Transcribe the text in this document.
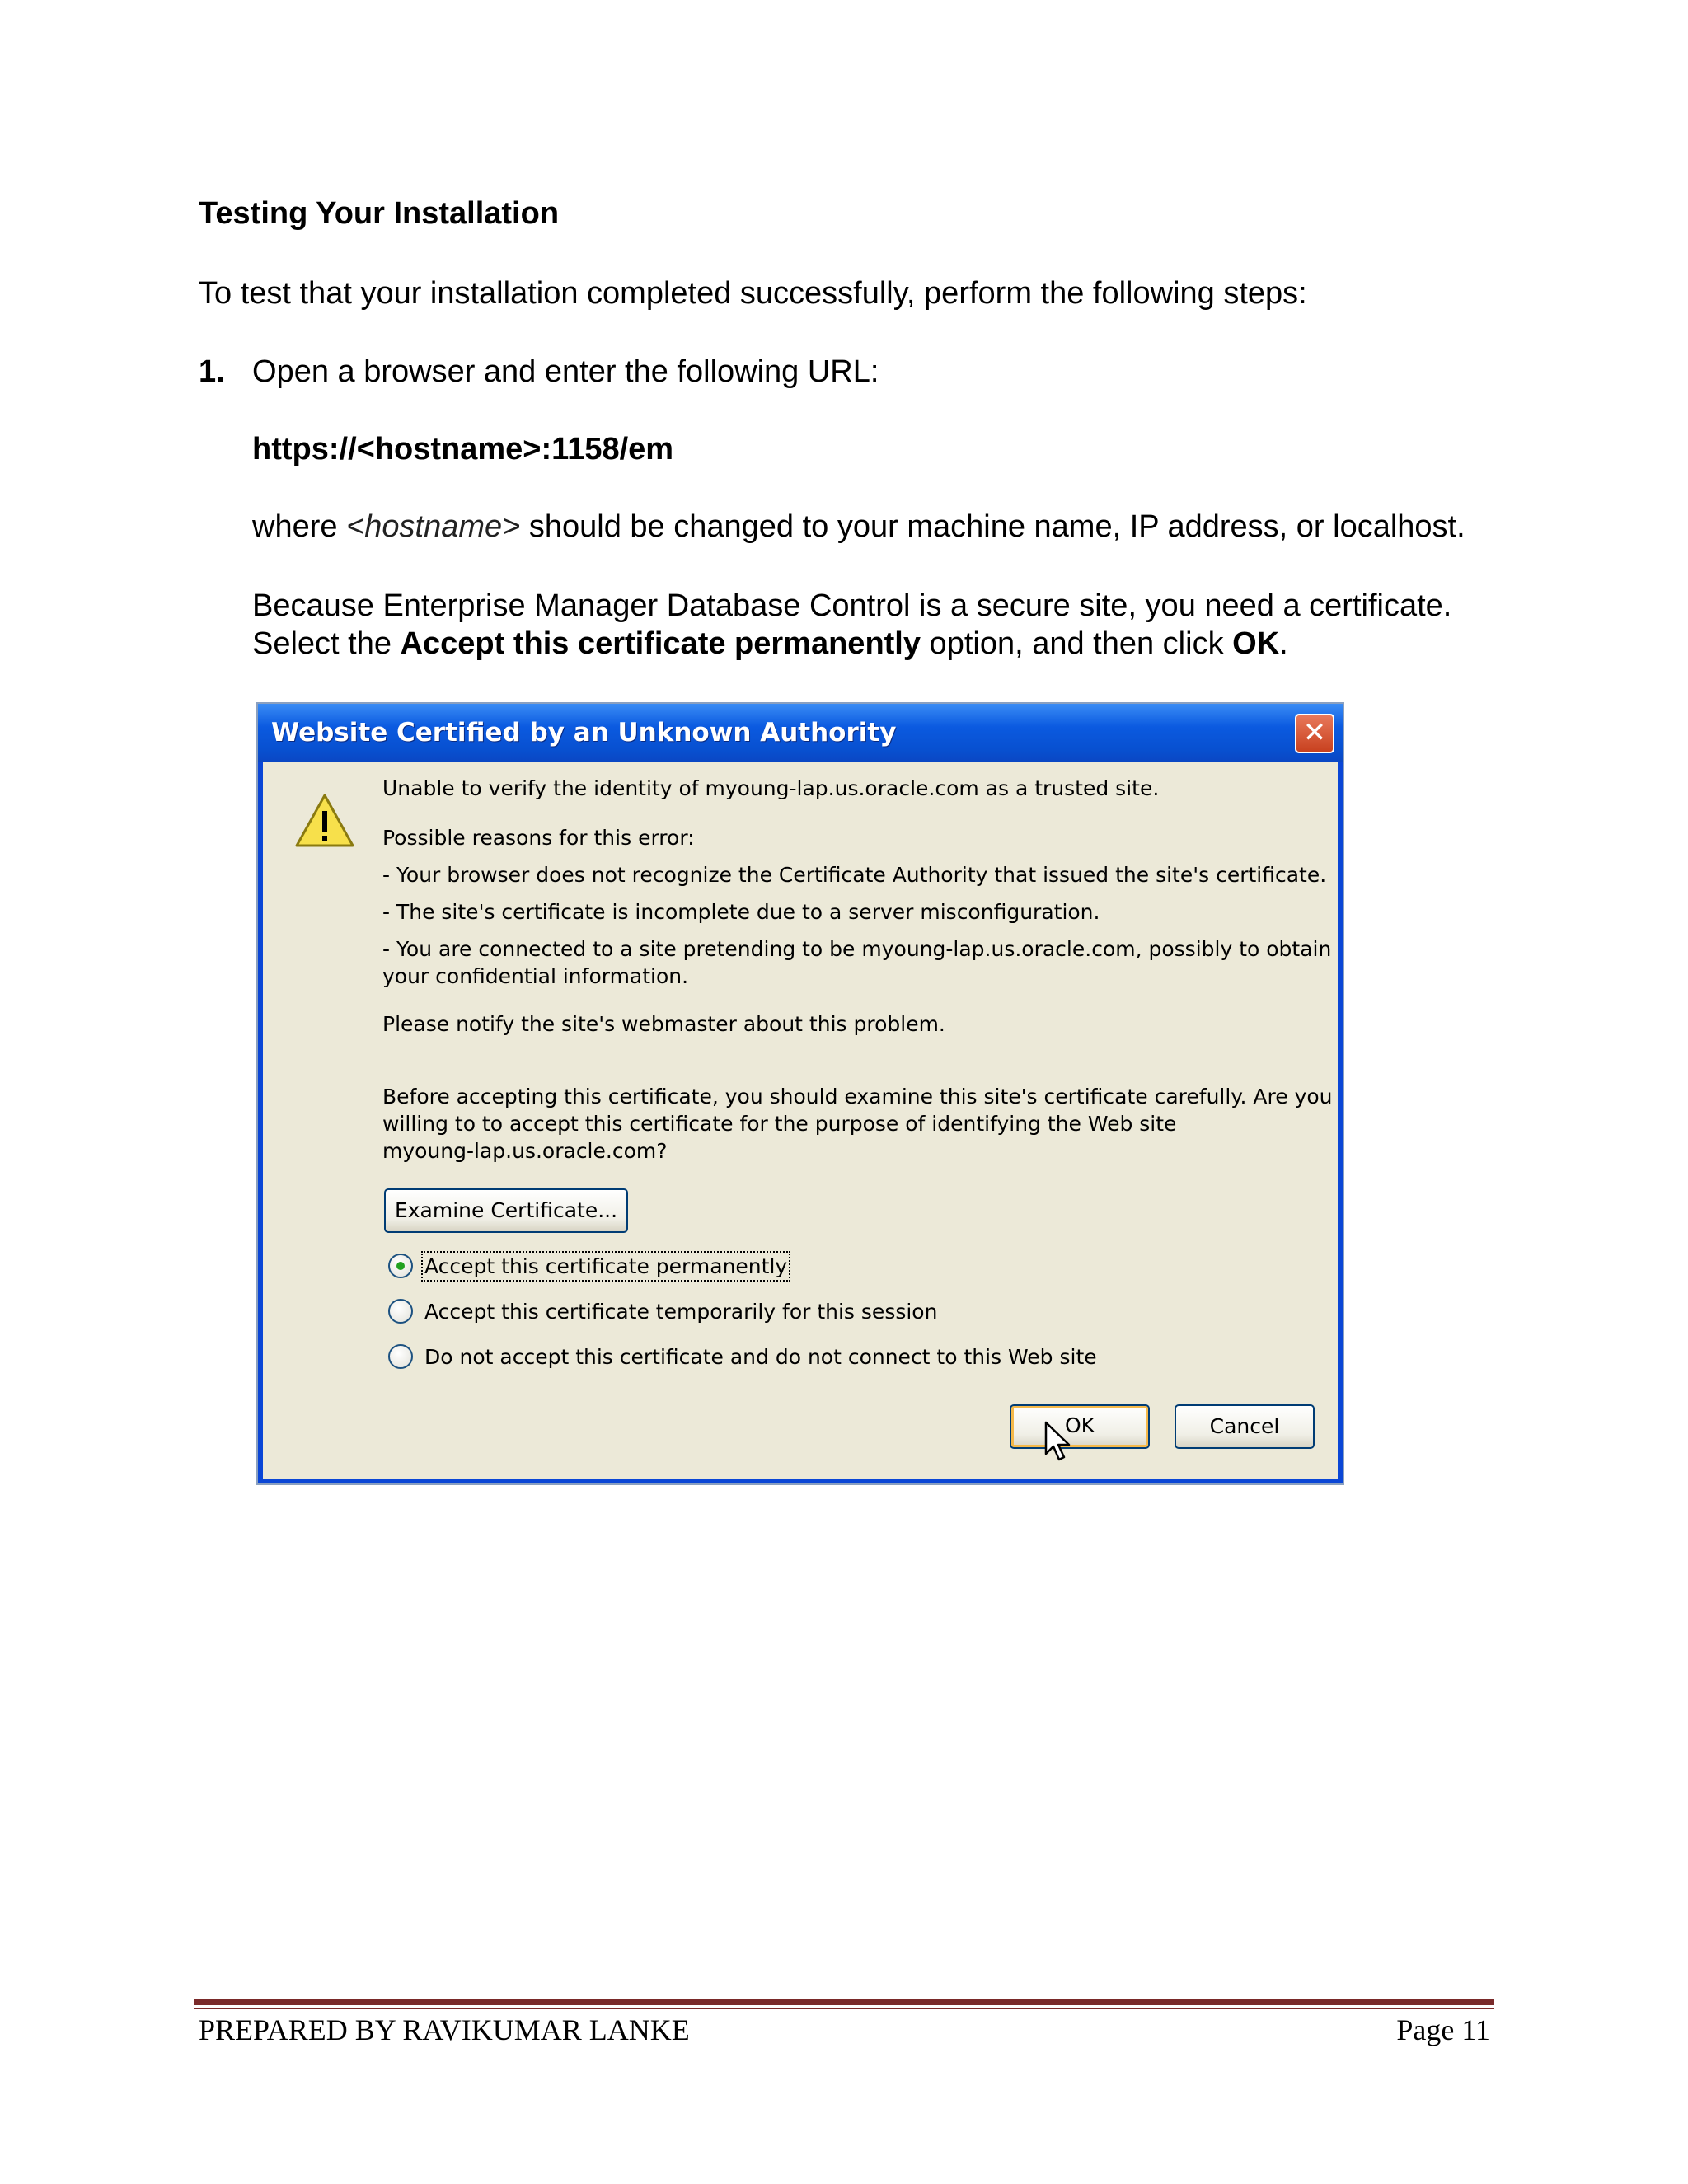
Testing Your Installation
To test that your installation completed successfully, perform the following steps:
1. Open a browser and enter the following URL:
https://<hostname>:1158/em
where <hostname> should be changed to your machine name, IP address, or localhost.
Because Enterprise Manager Database Control is a secure site, you need a certificate.
Select the Accept this certificate permanently option, and then click OK.
Website Certified by an Unknown Authority	✕
Unable to verify the identity of myoung-lap.us.oracle.com as a trusted site.
Possible reasons for this error:
- Your browser does not recognize the Certificate Authority that issued the site's certificate.
- The site's certificate is incomplete due to a server misconfiguration.
- You are connected to a site pretending to be myoung-lap.us.oracle.com, possibly to obtain
your confidential information.
Please notify the site's webmaster about this problem.
Before accepting this certificate, you should examine this site's certificate carefully. Are you
willing to to accept this certificate for the purpose of identifying the Web site
myoung-lap.us.oracle.com?
Examine Certificate...
Accept this certificate permanently
Accept this certificate temporarily for this session
Do not accept this certificate and do not connect to this Web site
OK	Cancel
PREPARED BY RAVIKUMAR LANKE	Page 11
